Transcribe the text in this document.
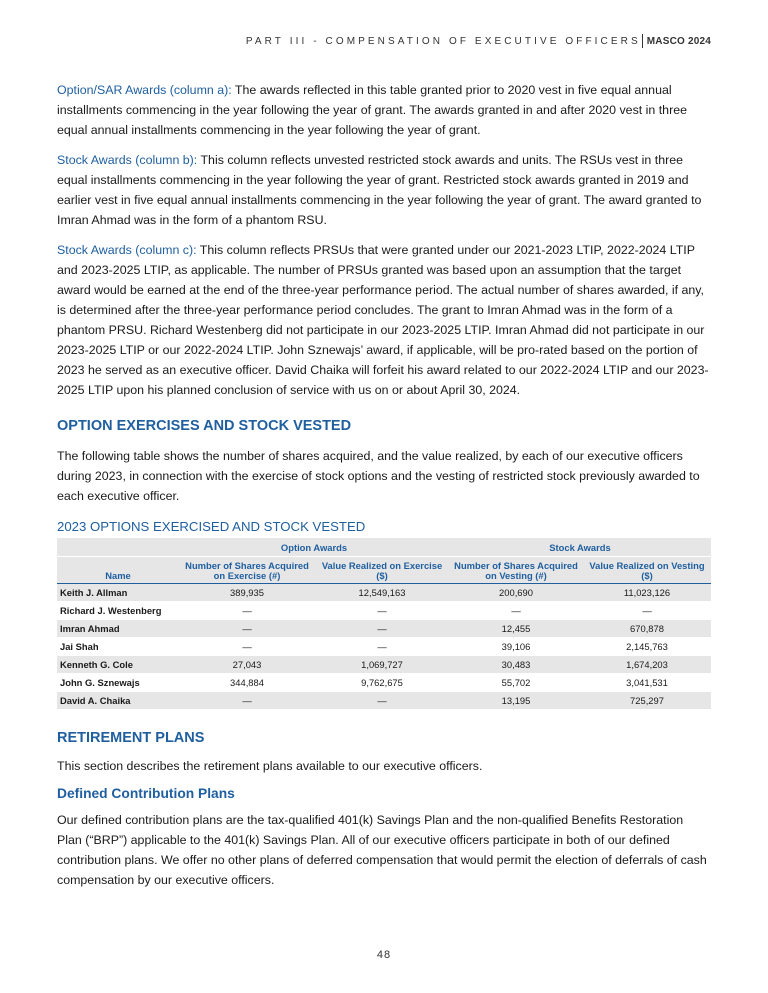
PART III - COMPENSATION OF EXECUTIVE OFFICERS MASCO 2024

Option/SAR Awards (column a): The awards reflected in this table granted prior to 2020 vest in five equal annual installments commencing in the year following the year of grant. The awards granted in and after 2020 vest in three equal annual installments commencing in the year following the year of grant.

Stock Awards (column b): This column reflects unvested restricted stock awards and units. The RSUs vest in three equal installments commencing in the year following the year of grant. Restricted stock awards granted in 2019 and earlier vest in five equal annual installments commencing in the year following the year of grant. The award granted to Imran Ahmad was in the form of a phantom RSU.

Stock Awards (column c): This column reflects PRSUs that were granted under our 2021-2023 LTIP, 2022-2024 LTIP and 2023-2025 LTIP, as applicable. The number of PRSUs granted was based upon an assumption that the target award would be earned at the end of the three-year performance period. The actual number of shares awarded, if any, is determined after the three-year performance period concludes. The grant to Imran Ahmad was in the form of a phantom PRSU. Richard Westenberg did not participate in our 2023-2025 LTIP. Imran Ahmad did not participate in our 2023-2025 LTIP or our 2022-2024 LTIP. John Sznewajs’ award, if applicable, will be pro-rated based on the portion of 2023 he served as an executive officer. David Chaika will forfeit his award related to our 2022-2024 LTIP and our 2023-2025 LTIP upon his planned conclusion of service with us on or about April 30, 2024.

OPTION EXERCISES AND STOCK VESTED

The following table shows the number of shares acquired, and the value realized, by each of our executive officers during 2023, in connection with the exercise of stock options and the vesting of restricted stock previously awarded to each executive officer.

2023 OPTIONS EXERCISED AND STOCK VESTED
	Option Awards		Stock Awards	
Name	Number of Shares Acquired on Exercise (#)	Value Realized on Exercise ($)	Number of Shares Acquired on Vesting (#)	Value Realized on Vesting ($)
Keith J. Allman	389,935	12,549,163	200,690	11,023,126
Richard J. Westenberg	—	—	—	—
Imran Ahmad	—	—	12,455	670,878
Jai Shah	—	—	39,106	2,145,763
Kenneth G. Cole	27,043	1,069,727	30,483	1,674,203
John G. Sznewajs	344,884	9,762,675	55,702	3,041,531
David A. Chaika	—	—	13,195	725,297
RETIREMENT PLANS

This section describes the retirement plans available to our executive officers.

Defined Contribution Plans

Our defined contribution plans are the tax-qualified 401(k) Savings Plan and the non-qualified Benefits Restoration Plan (“BRP”) applicable to the 401(k) Savings Plan. All of our executive officers participate in both of our defined contribution plans. We offer no other plans of deferred compensation that would permit the election of deferrals of cash compensation by our executive officers.

48
